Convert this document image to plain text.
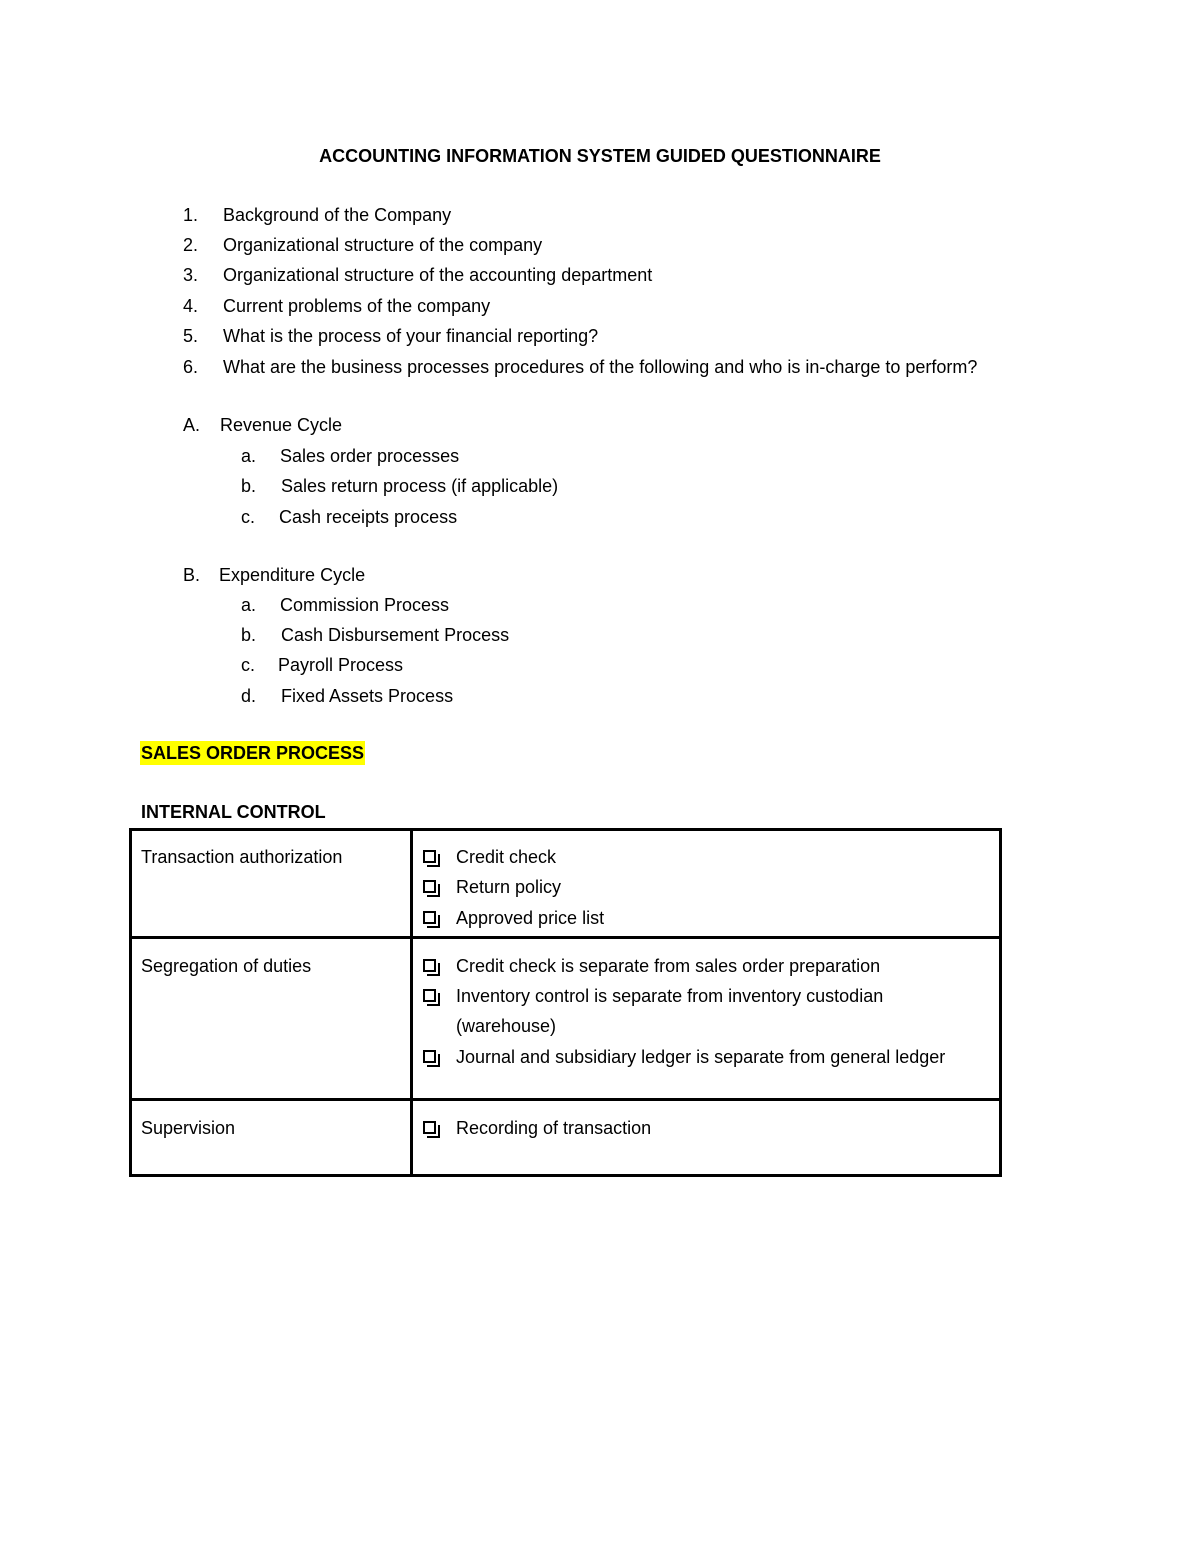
ACCOUNTING INFORMATION SYSTEM GUIDED QUESTIONNAIRE
1. Background of the Company
2. Organizational structure of the company
3. Organizational structure of the accounting department
4. Current problems of the company
5. What is the process of your financial reporting?
6. What are the business processes procedures of the following and who is in-charge to perform?
A. Revenue Cycle
a. Sales order processes
b. Sales return process (if applicable)
c. Cash receipts process
B. Expenditure Cycle
a. Commission Process
b. Cash Disbursement Process
c. Payroll Process
d. Fixed Assets Process
SALES ORDER PROCESS
INTERNAL CONTROL
Transaction authorization	Credit check
Return policy
Approved price list
Segregation of duties	Credit check is separate from sales order preparation
Inventory control is separate from inventory custodian
(warehouse)
Journal and subsidiary ledger is separate from general ledger
Supervision	Recording of transaction
